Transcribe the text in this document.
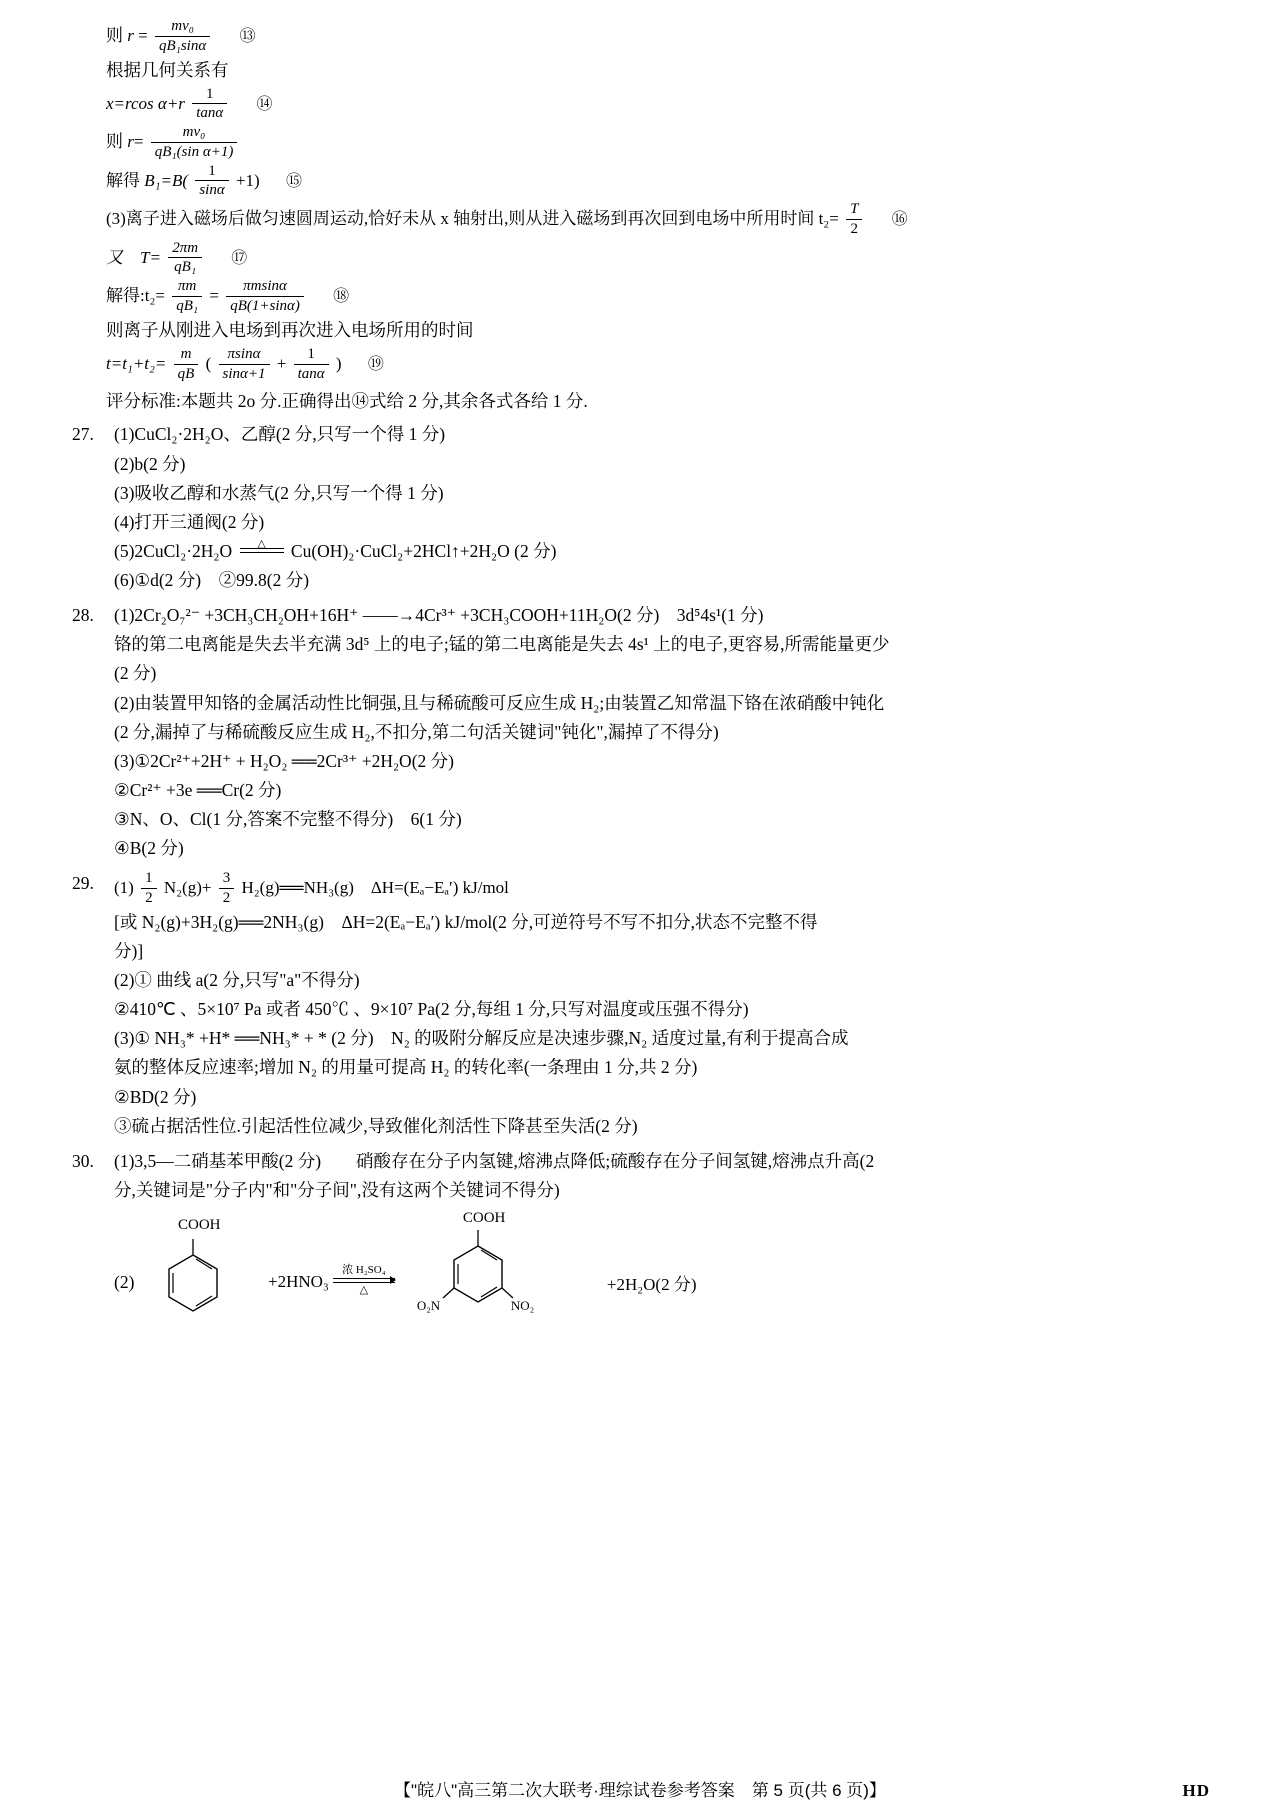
则 $r = \frac{\text{mv₀}}{\text{qB₁sinα}}$ ⑬
根据几何关系有
x=rcos $\alpha+r \frac{1}{\tan\alpha}$ ⑭
则 $r= \frac{\text{mv₀}}{\text{qB₁(sin α+1)}}$
解得 $B_1=B( \frac{1}{\sin\alpha} +1)$ ⑮
(3)离子进入磁场后做匀速圆周运动,恰好未从 x 轴射出,则从进入磁场到再次回到电场中所用时间 $t_2= \frac{T}{2}$ ⑯
又　$T= \frac{2\pi m}{\text{qB₁}}$ ⑰
解得:t₂= $\frac{\pi m}{\text{qB₁}} = \frac{\pi msin\alpha}{qB(1+\sin\alpha)}$ ⑱
则离子从刚进入电场到再次进入电场所用的时间
$t=t_1+t_2= \frac{m}{qB}$ ( $\frac{\pi\sin\alpha}{\sin\alpha+1} + \frac{1}{\tan\alpha}$ ) ⑲
评分标准:本题共 2о 分.正确得出⑭式给 2 分,其余各式各给 1 分.
27.	(1)CuCl₂·2H₂O、乙醇(2 分,只写一个得 1 分)
(2)b(2 分)
(3)吸收乙醇和水蒸气(2 分,只写一个得 1 分)
(4)打开三通阀(2 分)
(5)2CuCl₂·2H₂O △ Cu(OH)₂·CuCl₂+2HCl↑+2H₂O (2 分)
(6)①d(2 分)　②99.8(2 分)
28.	(1)2Cr₂O₇²⁻ +3CH₃CH₂OH+16H⁺ ——→4Cr³⁺ +3CH₃COOH+11H₂O(2 分)　3d⁵4s¹(1 分)
铬的第二电离能是失去半充满 3d⁵ 上的电子;锰的第二电离能是失去 4s¹ 上的电子,更容易,所需能量更少
(2 分)
(2)由装置甲知铬的金属活动性比铜强,且与稀硫酸可反应生成 H₂;由装置乙知常温下铬在浓硝酸中钝化
(2 分,漏掉了与稀硫酸反应生成 H₂,不扣分,第二句活关键词"钝化",漏掉了不得分)
(3)①2Cr²⁺+2H⁺ + H₂O₂ ══2Cr³⁺ +2H₂O(2 分)
②Cr²⁺ +3e ══Cr(2 分)
③N、O、Cl(1 分,答案不完整不得分)　6(1 分)
④B(2 分)
29.	$(1) \frac{1}{2} N_2(g)+ \frac{3}{2}$ H₂(g)══NH₃(g)　ΔH=(Eₐ−Eₐ′) kJ/mol
[或 N₂(g)+3H₂(g)══2NH₃(g)　ΔH=2(Eₐ−Eₐ′) kJ/mol(2 分,可逆符号不写不扣分,状态不完整不得
分)]
(2)① 曲线 a(2 分,只写"a"不得分)
②410℃ 、5×10⁷ Pa 或者 450℃ 、9×10⁷ Pa(2 分,每组 1 分,只写对温度或压强不得分)
(3)① NH₃* +H* ══NH₃* + * (2 分)　N₂ 的吸附分解反应是决速步骤,N₂ 适度过量,有利于提高合成
氨的整体反应速率;增加 N₂ 的用量可提高 H₂ 的转化率(一条理由 1 分,共 2 分)
②BD(2 分)
③硫占据活性位.引起活性位减少,导致催化剂活性下降甚至失活(2 分)
30.	(1)3,5—二硝基苯甲酸(2 分)　　硝酸存在分子内氢键,熔沸点降低;硫酸存在分子间氢键,熔沸点升高(2
分,关键词是"分子内"和"分子间",没有这两个关键词不得分)
(2)
COOH
+2HNO₃
浓 H₂SO₄
△
COOH
O₂N	NO₂
+2H₂O(2 分)
【"皖八"高三第二次大联考·理综试卷参考答案　第 5 页(共 6 页)】	HD
